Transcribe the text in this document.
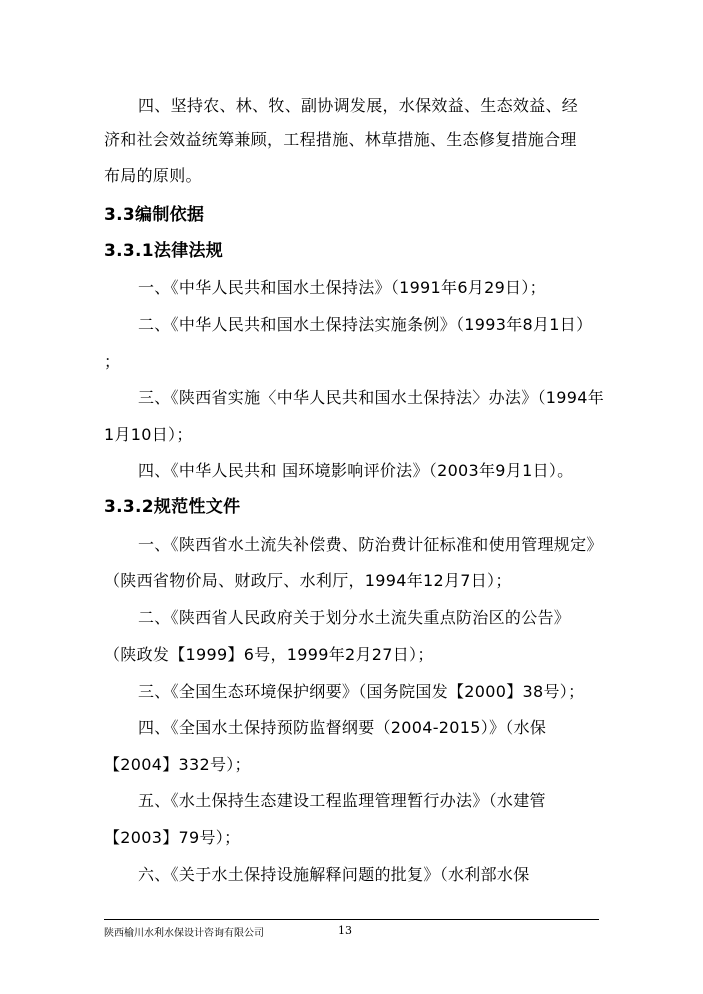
四、坚持农、林、牧、副协调发展，水保效益、生态效益、经
济和社会效益统筹兼顾，工程措施、林草措施、生态修复措施合理
布局的原则。
3.3编制依据
3.3.1法律法规
一、《中华人民共和国水土保持法》（1991年6月29日）；
二、《中华人民共和国水土保持法实施条例》（1993年8月1日）
；
三、《陕西省实施〈中华人民共和国水土保持法〉办法》（1994年
1月10日）；
四、《中华人民共和 国环境影响评价法》（2003年9月1日）。
3.3.2规范性文件
一、《陕西省水土流失补偿费、防治费计征标准和使用管理规定》
（陕西省物价局、财政厅、水利厅，1994年12月7日）；
二、《陕西省人民政府关于划分水土流失重点防治区的公告》
（陕政发【1999】6号，1999年2月27日）；
三、《全国生态环境保护纲要》（国务院国发【2000】38号）；
四、《全国水土保持预防监督纲要（2004-2015）》（水保
【2004】332号）；
五、《水土保持生态建设工程监理管理暂行办法》（水建管
【2003】79号）；
六、《关于水土保持设施解释问题的批复》（水利部水保
陕西榆川水利水保设计咨询有限公司	13
